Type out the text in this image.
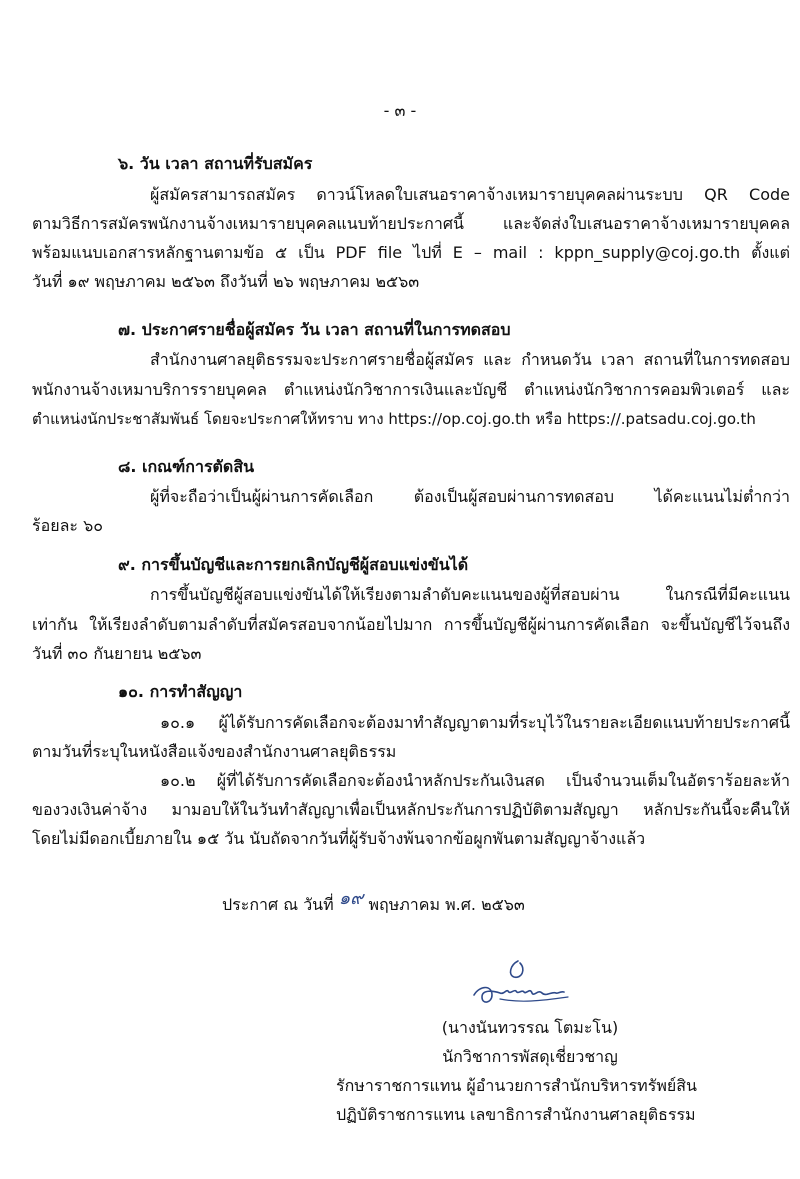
- ๓ -
๖. วัน เวลา สถานที่รับสมัคร
ผู้สมัครสามารถสมัคร ดาวน์โหลดใบเสนอราคาจ้างเหมารายบุคคลผ่านระบบ QR Code
ตามวิธีการสมัครพนักงานจ้างเหมารายบุคคลแนบท้ายประกาศนี้ และจัดส่งใบเสนอราคาจ้างเหมารายบุคคล
พร้อมแนบเอกสารหลักฐานตามข้อ ๕ เป็น PDF file ไปที่ E – mail : kppn_supply@coj.go.th ตั้งแต่
วันที่ ๑๙ พฤษภาคม ๒๕๖๓ ถึงวันที่ ๒๖ พฤษภาคม ๒๕๖๓
๗. ประกาศรายชื่อผู้สมัคร วัน เวลา สถานที่ในการทดสอบ
สำนักงานศาลยุติธรรมจะประกาศรายชื่อผู้สมัคร และ กำหนดวัน เวลา สถานที่ในการทดสอบ
พนักงานจ้างเหมาบริการรายบุคคล ตำแหน่งนักวิชาการเงินและบัญชี ตำแหน่งนักวิชาการคอมพิวเตอร์ และ
ตำแหน่งนักประชาสัมพันธ์ โดยจะประกาศให้ทราบ ทาง https://op.coj.go.th หรือ https://.patsadu.coj.go.th
๘. เกณฑ์การตัดสิน
ผู้ที่จะถือว่าเป็นผู้ผ่านการคัดเลือก ต้องเป็นผู้สอบผ่านการทดสอบ ได้คะแนนไม่ต่ำกว่า
ร้อยละ ๖๐
๙. การขึ้นบัญชีและการยกเลิกบัญชีผู้สอบแข่งขันได้
การขึ้นบัญชีผู้สอบแข่งขันได้ให้เรียงตามลำดับคะแนนของผู้ที่สอบผ่าน ในกรณีที่มีคะแนน
เท่ากัน ให้เรียงลำดับตามลำดับที่สมัครสอบจากน้อยไปมาก การขึ้นบัญชีผู้ผ่านการคัดเลือก จะขึ้นบัญชีไว้จนถึง
วันที่ ๓๐ กันยายน ๒๕๖๓
๑๐. การทำสัญญา
๑๐.๑ ผู้ได้รับการคัดเลือกจะต้องมาทำสัญญาตามที่ระบุไว้ในรายละเอียดแนบท้ายประกาศนี้
ตามวันที่ระบุในหนังสือแจ้งของสำนักงานศาลยุติธรรม
๑๐.๒ ผู้ที่ได้รับการคัดเลือกจะต้องนำหลักประกันเงินสด เป็นจำนวนเต็มในอัตราร้อยละห้า
ของวงเงินค่าจ้าง มามอบให้ในวันทำสัญญาเพื่อเป็นหลักประกันการปฏิบัติตามสัญญา หลักประกันนี้จะคืนให้
โดยไม่มีดอกเบี้ยภายใน ๑๕ วัน นับถัดจากวันที่ผู้รับจ้างพ้นจากข้อผูกพันตามสัญญาจ้างแล้ว
ประกาศ ณ วันที่ ๑๙ พฤษภาคม พ.ศ. ๒๕๖๓
(นางนันทวรรณ โตมะโน)
นักวิชาการพัสดุเชี่ยวชาญ
รักษาราชการแทน ผู้อำนวยการสำนักบริหารทรัพย์สิน
ปฏิบัติราชการแทน เลขาธิการสำนักงานศาลยุติธรรม
